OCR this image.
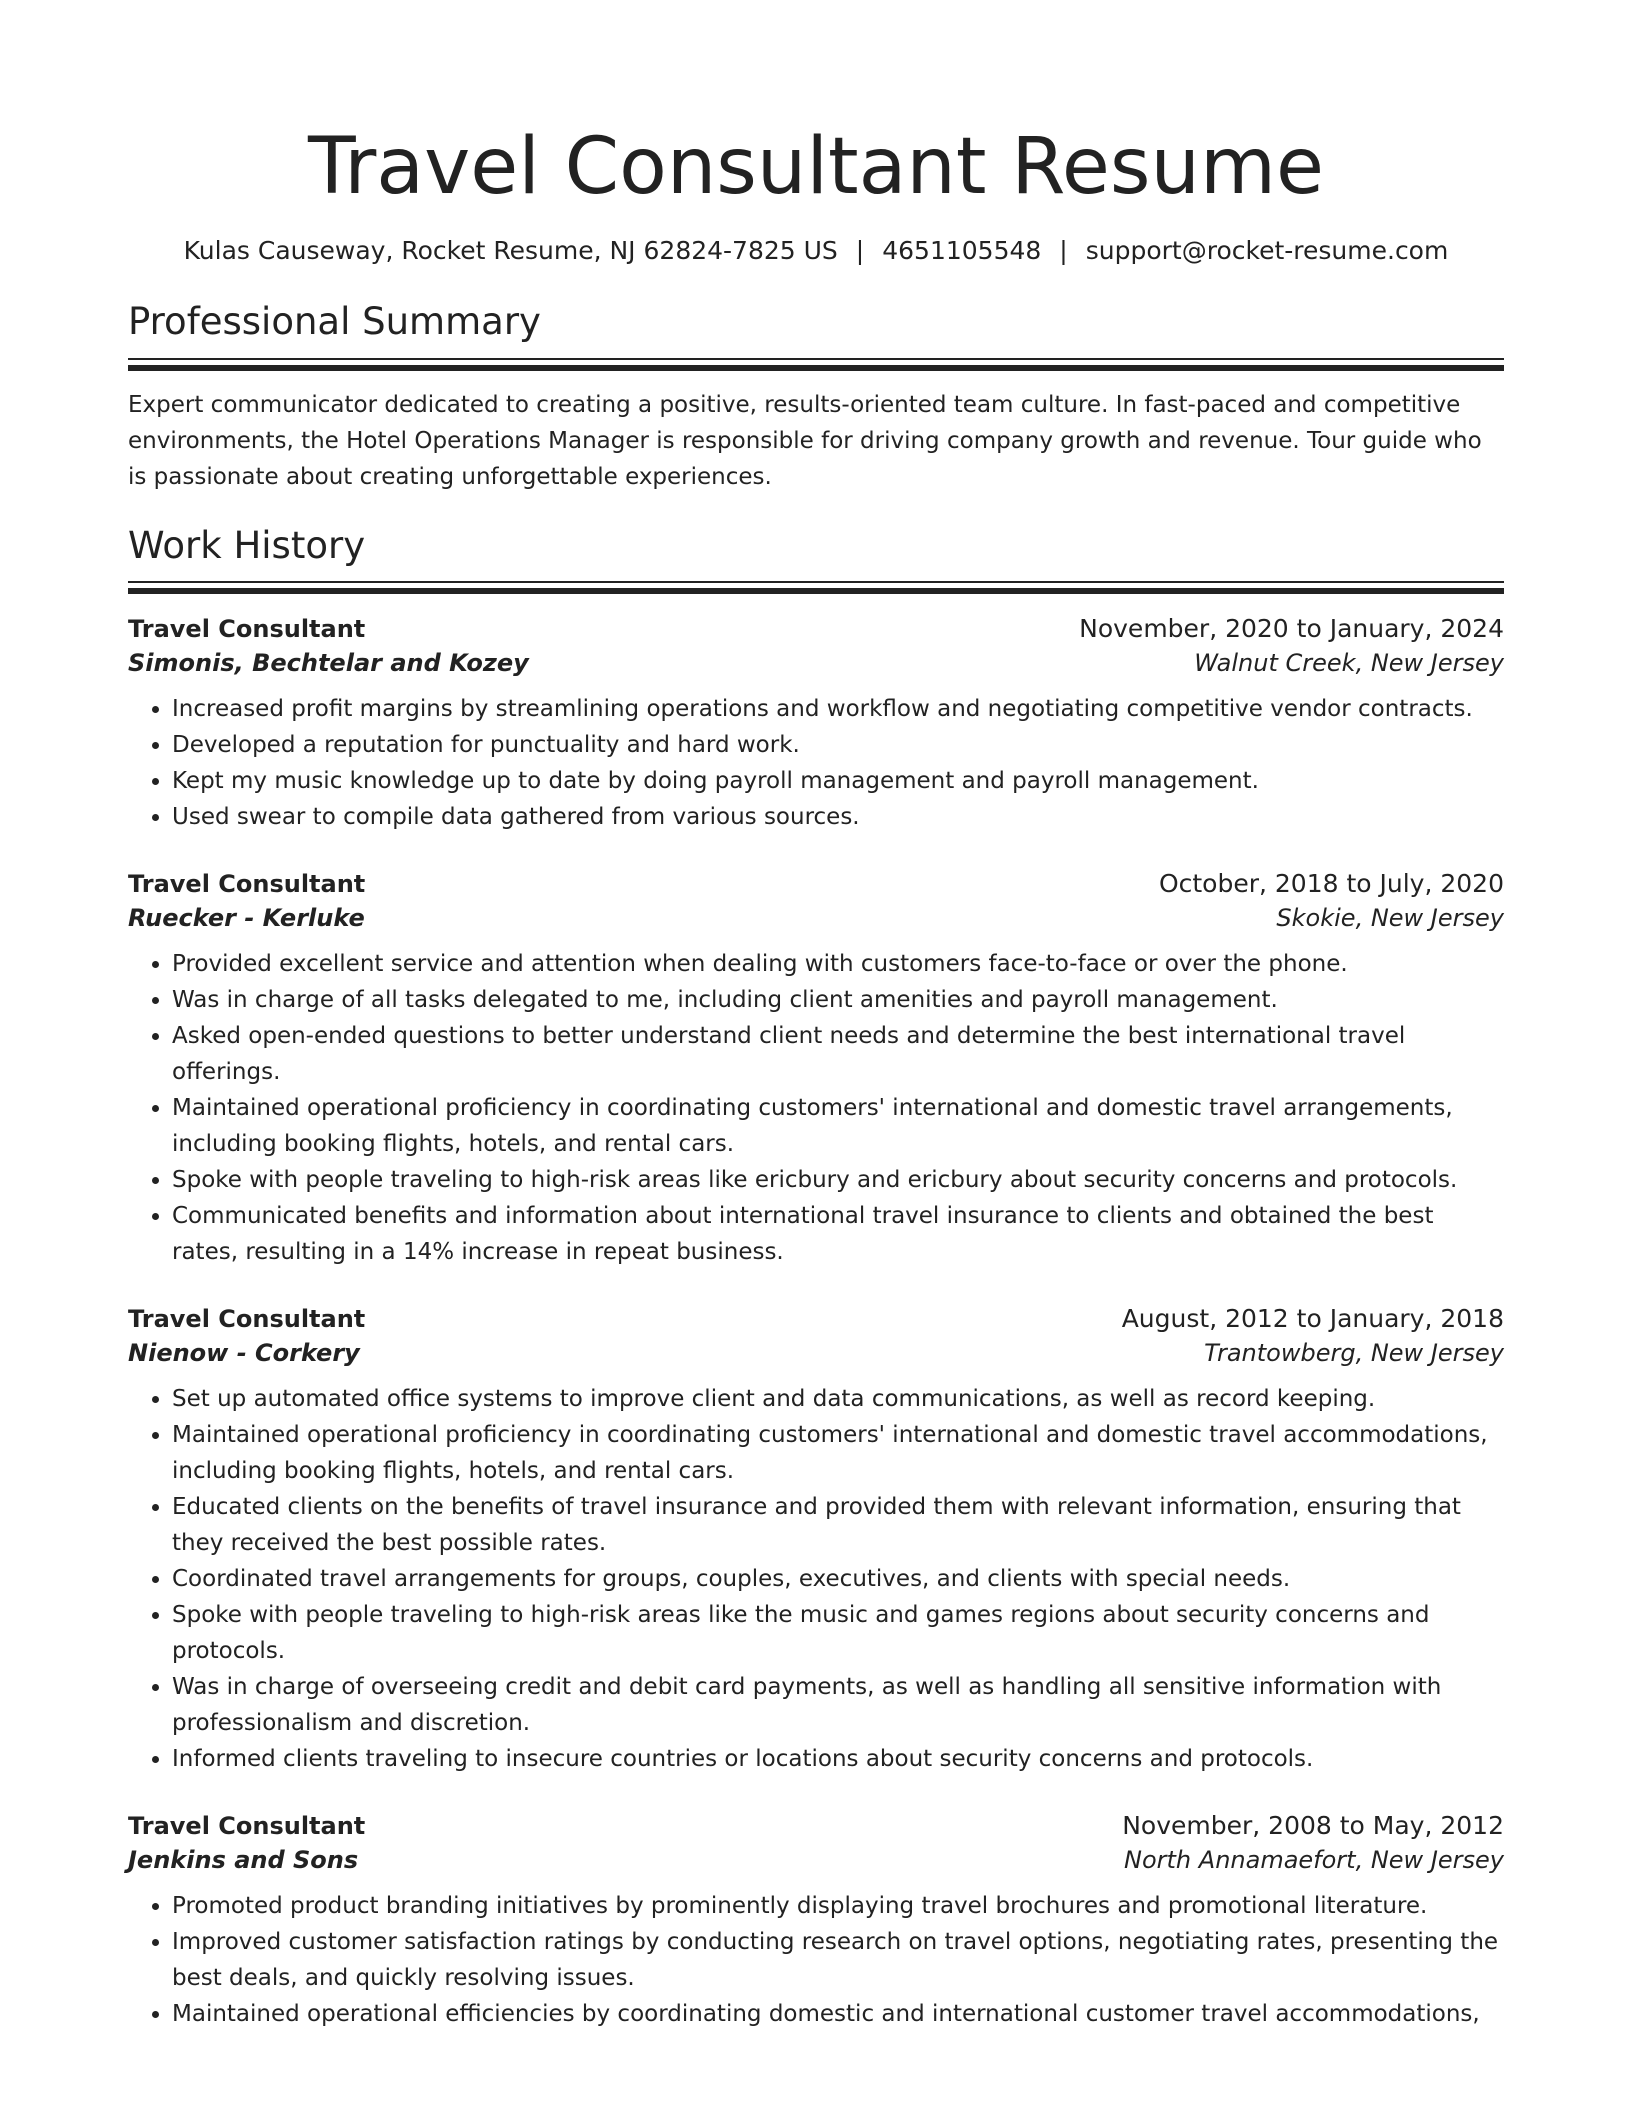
Travel Consultant Resume
Kulas Causeway, Rocket Resume, NJ 62824-7825 US | 4651105548 | support@rocket-resume.com
Professional Summary
Expert communicator dedicated to creating a positive, results-oriented team culture. In fast-paced and competitive environments, the Hotel Operations Manager is responsible for driving company growth and revenue. Tour guide who is passionate about creating unforgettable experiences.
Work History
Travel Consultant	November, 2020 to January, 2024
Simonis, Bechtelar and Kozey	Walnut Creek, New Jersey
• Increased profit margins by streamlining operations and workflow and negotiating competitive vendor contracts.
• Developed a reputation for punctuality and hard work.
• Kept my music knowledge up to date by doing payroll management and payroll management.
• Used swear to compile data gathered from various sources.
Travel Consultant	October, 2018 to July, 2020
Ruecker - Kerluke	Skokie, New Jersey
• Provided excellent service and attention when dealing with customers face-to-face or over the phone.
• Was in charge of all tasks delegated to me, including client amenities and payroll management.
• Asked open-ended questions to better understand client needs and determine the best international travel offerings.
• Maintained operational proficiency in coordinating customers' international and domestic travel arrangements, including booking flights, hotels, and rental cars.
• Spoke with people traveling to high-risk areas like ericbury and ericbury about security concerns and protocols.
• Communicated benefits and information about international travel insurance to clients and obtained the best rates, resulting in a 14% increase in repeat business.
Travel Consultant	August, 2012 to January, 2018
Nienow - Corkery	Trantowberg, New Jersey
• Set up automated office systems to improve client and data communications, as well as record keeping.
• Maintained operational proficiency in coordinating customers' international and domestic travel accommodations, including booking flights, hotels, and rental cars.
• Educated clients on the benefits of travel insurance and provided them with relevant information, ensuring that they received the best possible rates.
• Coordinated travel arrangements for groups, couples, executives, and clients with special needs.
• Spoke with people traveling to high-risk areas like the music and games regions about security concerns and protocols.
• Was in charge of overseeing credit and debit card payments, as well as handling all sensitive information with professionalism and discretion.
• Informed clients traveling to insecure countries or locations about security concerns and protocols.
Travel Consultant	November, 2008 to May, 2012
Jenkins and Sons	North Annamaefort, New Jersey
• Promoted product branding initiatives by prominently displaying travel brochures and promotional literature.
• Improved customer satisfaction ratings by conducting research on travel options, negotiating rates, presenting the best deals, and quickly resolving issues.
• Maintained operational efficiencies by coordinating domestic and international customer travel accommodations,
